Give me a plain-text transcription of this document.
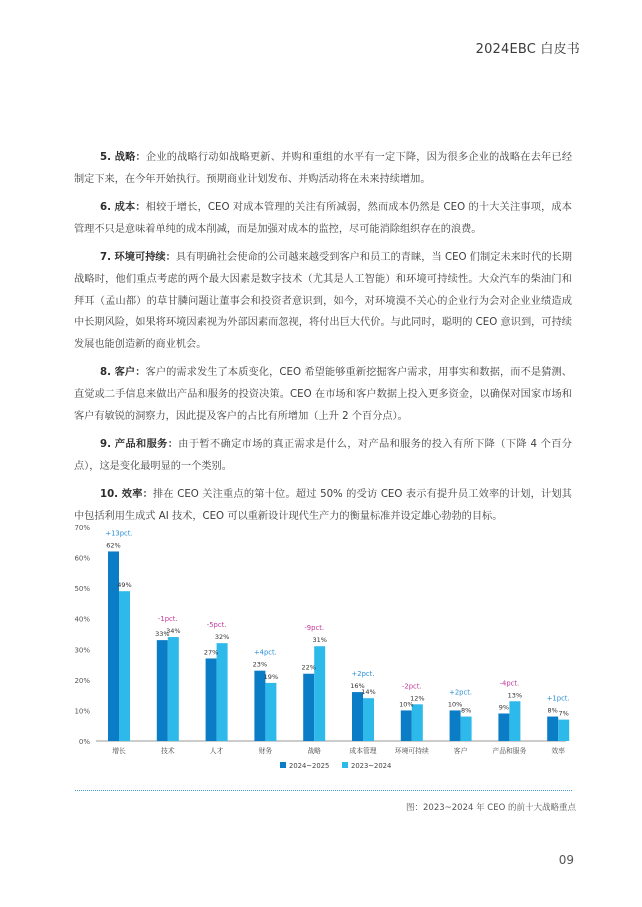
2024EBC 白皮书

5. 战略：企业的战略行动如战略更新、并购和重组的水平有一定下降，因为很多企业的战略在去年已经制定下来，在今年开始执行。预期商业计划发布、并购活动将在未来持续增加。

6. 成本：相较于增长，CEO 对成本管理的关注有所减弱，然而成本仍然是 CEO 的十大关注事项，成本管理不只是意味着单纯的成本削减，而是加强对成本的监控，尽可能消除组织存在的浪费。

7. 环境可持续：具有明确社会使命的公司越来越受到客户和员工的青睐，当 CEO 们制定未来时代的长期战略时，他们重点考虑的两个最大因素是数字技术（尤其是人工智能）和环境可持续性。大众汽车的柴油门和拜耳（孟山都）的草甘膦问题让董事会和投资者意识到，如今，对环境漠不关心的企业行为会对企业业绩造成中长期风险，如果将环境因素视为外部因素而忽视，将付出巨大代价。与此同时，聪明的 CEO 意识到，可持续发展也能创造新的商业机会。

8. 客户：客户的需求发生了本质变化，CEO 希望能够重新挖掘客户需求，用事实和数据，而不是猜测、直觉或二手信息来做出产品和服务的投资决策。CEO 在市场和客户数据上投入更多资金，以确保对国家市场和客户有敏锐的洞察力，因此提及客户的占比有所增加（上升 2 个百分点）。

9. 产品和服务：由于暂不确定市场的真正需求是什么，对产品和服务的投入有所下降（下降 4 个百分点），这是变化最明显的一个类别。

10. 效率：排在 CEO 关注重点的第十位。超过 50% 的受访 CEO 表示有提升员工效率的计划，计划其中包括利用生成式 AI 技术，CEO 可以重新设计现代生产力的衡量标准并设定雄心勃勃的目标。

0%
10%
20%
30%
40%
50%
60%
70%
62%
49%
+13pct.
增长
33%
34%
-1pct.
技术
27%
32%
-5pct.
人才
23%
19%
+4pct.
财务
22%
31%
-9pct.
战略
16%
14%
+2pct.
成本管理
10%
12%
-2pct.
环境可持续
10%
8%
+2pct.
客户
9%
13%
-4pct.
产品和服务
8% 7%
+1pct.
效率
2024~2025	2023~2024
图：2023~2024 年 CEO 的前十大战略重点
09
